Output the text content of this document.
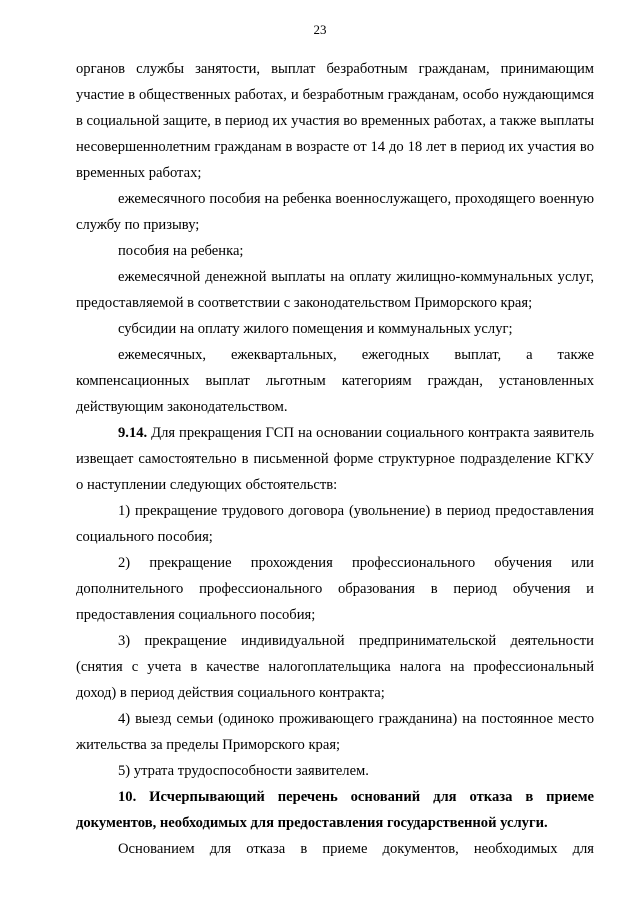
23

органов службы занятости, выплат безработным гражданам, принимающим участие в общественных работах, и безработным гражданам, особо нуждающимся в социальной защите, в период их участия во временных работах, а также выплаты несовершеннолетним гражданам в возрасте от 14 до 18 лет в период их участия во временных работах;

ежемесячного пособия на ребенка военнослужащего, проходящего военную службу по призыву;

пособия на ребенка;

ежемесячной денежной выплаты на оплату жилищно-коммунальных услуг, предоставляемой в соответствии с законодательством Приморского края;

субсидии на оплату жилого помещения и коммунальных услуг;

ежемесячных, ежеквартальных, ежегодных выплат, а также компенсационных выплат льготным категориям граждан, установленных действующим законодательством.

9.14. Для прекращения ГСП на основании социального контракта заявитель извещает самостоятельно в письменной форме структурное подразделение КГКУ о наступлении следующих обстоятельств:

1) прекращение трудового договора (увольнение) в период предоставления социального пособия;

2) прекращение прохождения профессионального обучения или дополнительного профессионального образования в период обучения и предоставления социального пособия;

3) прекращение индивидуальной предпринимательской деятельности (снятия с учета в качестве налогоплательщика налога на профессиональный доход) в период действия социального контракта;

4) выезд семьи (одиноко проживающего гражданина) на постоянное место жительства за пределы Приморского края;

5) утрата трудоспособности заявителем.

10. Исчерпывающий перечень оснований для отказа в приеме документов, необходимых для предоставления государственной услуги.

Основанием для отказа в приеме документов, необходимых для
